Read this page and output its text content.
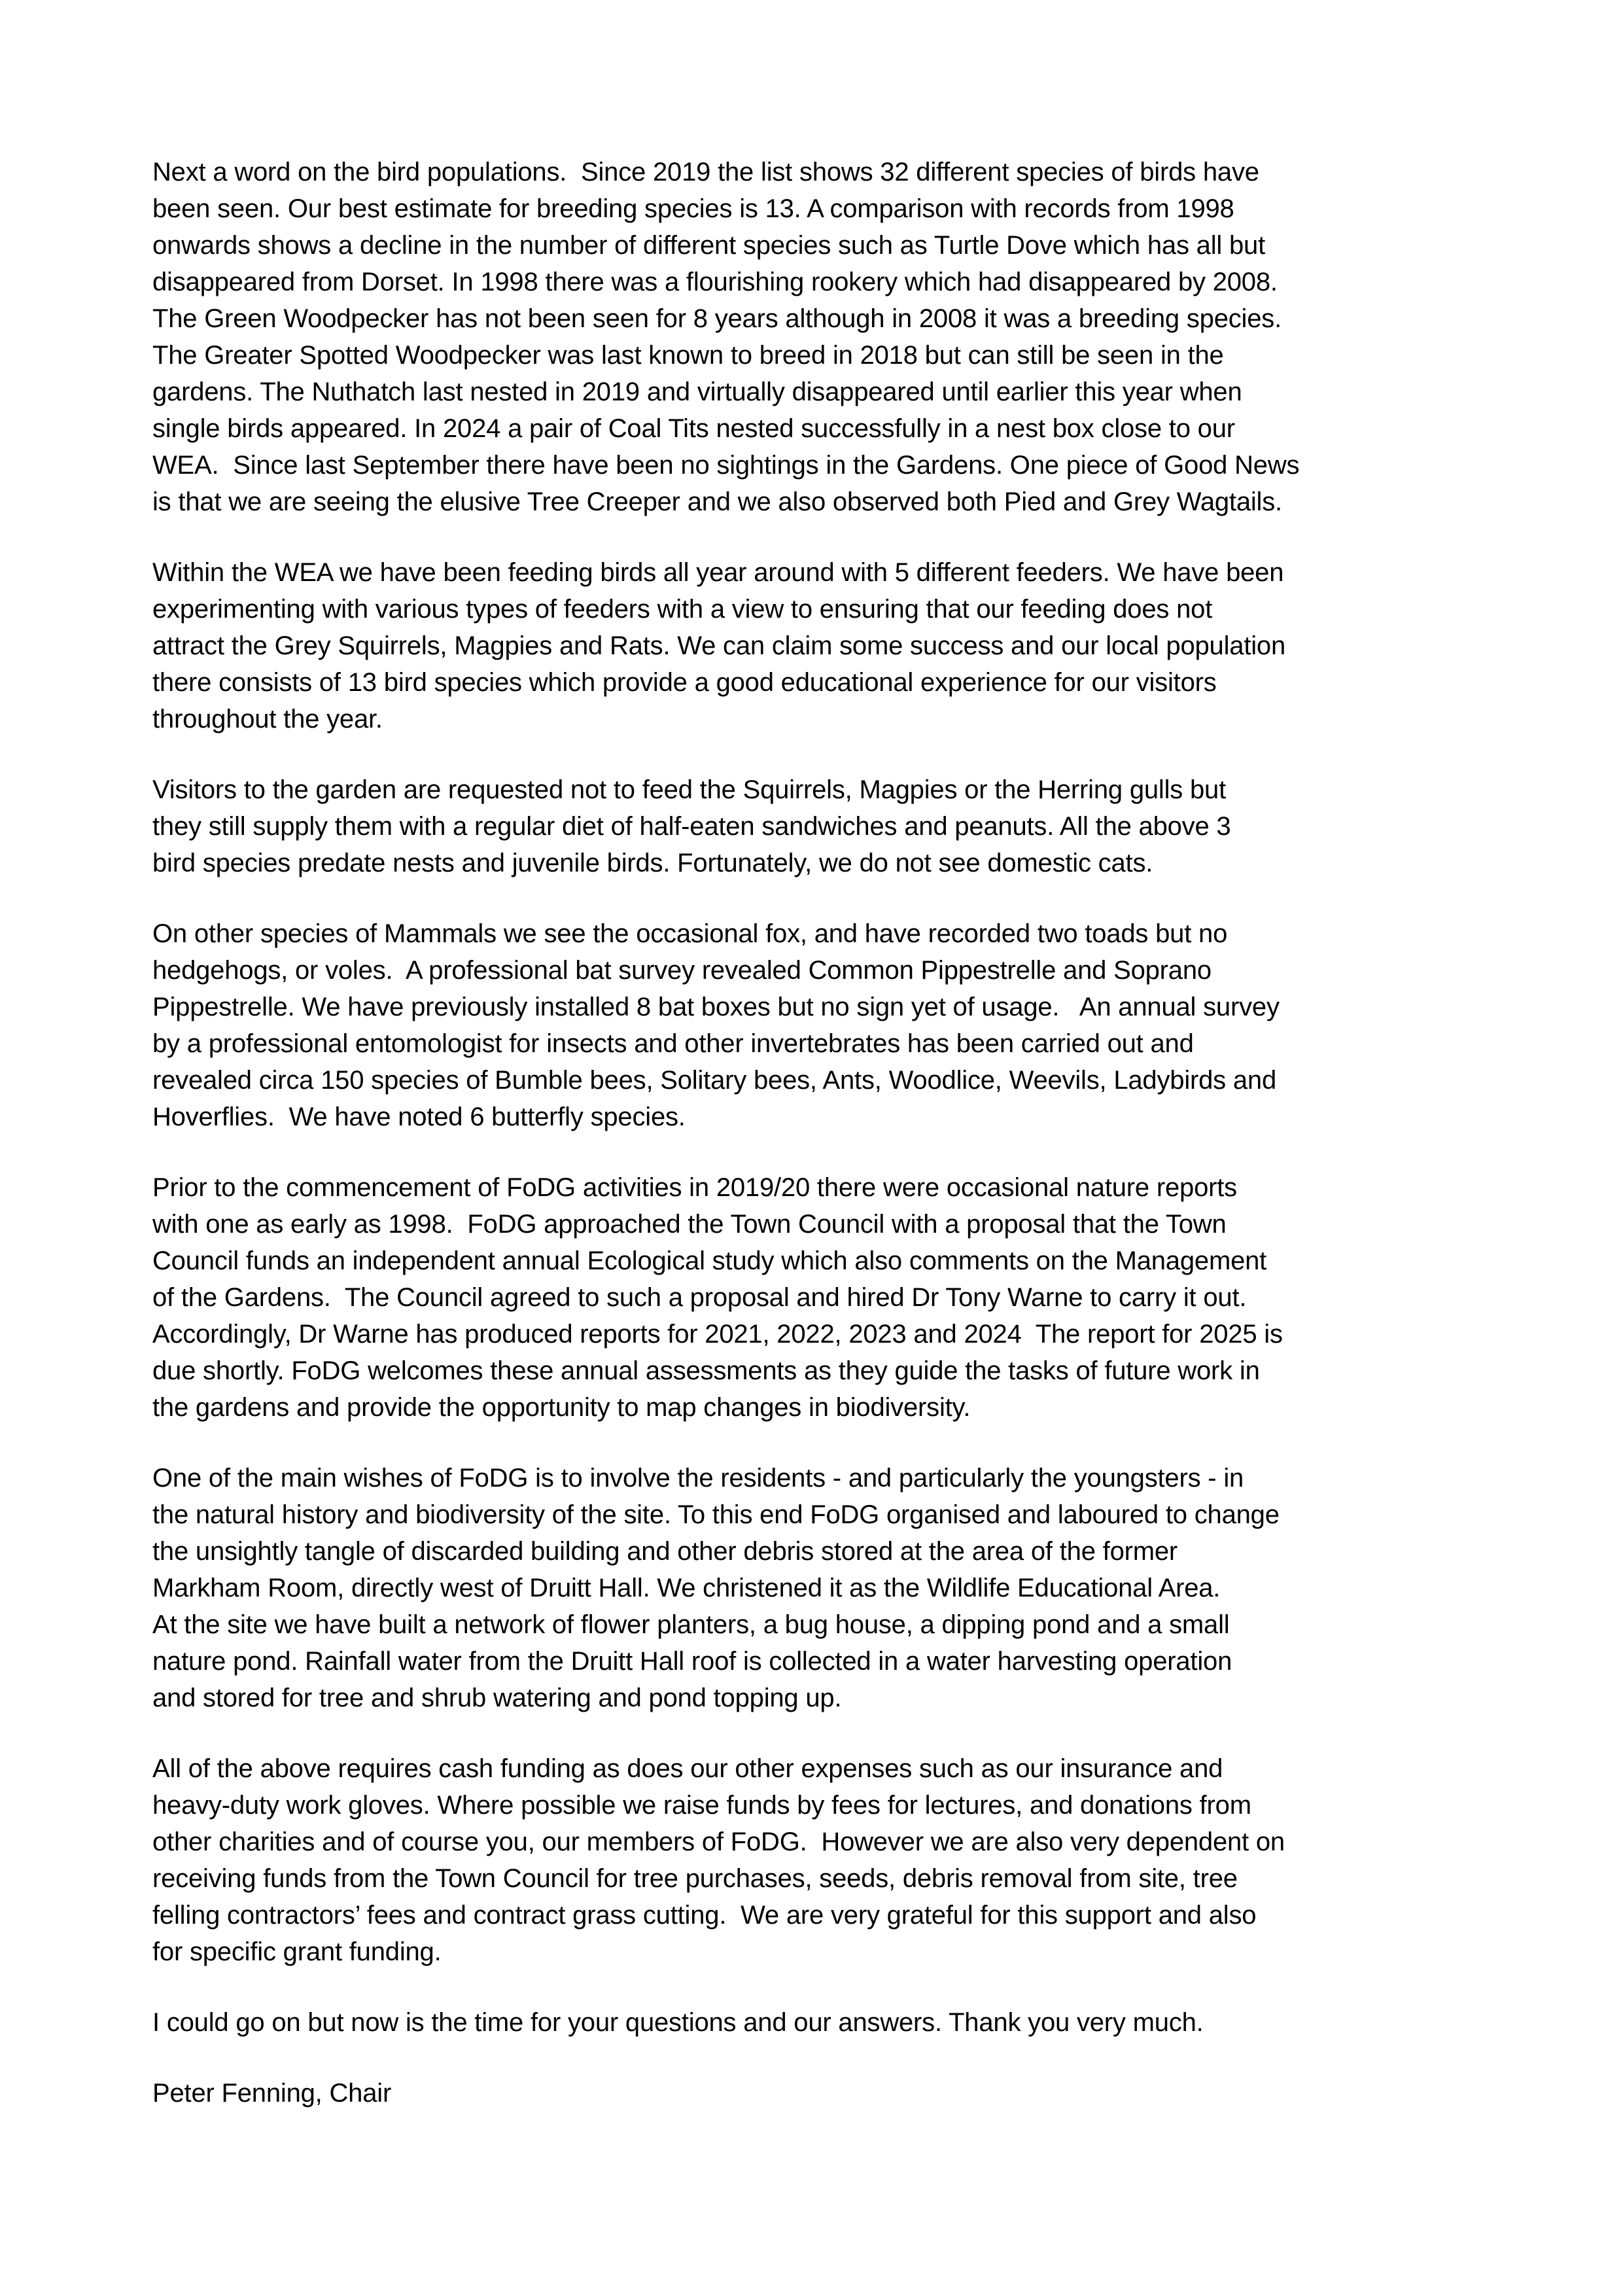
Next a word on the bird populations.  Since 2019 the list shows 32 different species of birds have
been seen. Our best estimate for breeding species is 13. A comparison with records from 1998
onwards shows a decline in the number of different species such as Turtle Dove which has all but
disappeared from Dorset. In 1998 there was a flourishing rookery which had disappeared by 2008.
The Green Woodpecker has not been seen for 8 years although in 2008 it was a breeding species.
The Greater Spotted Woodpecker was last known to breed in 2018 but can still be seen in the
gardens. The Nuthatch last nested in 2019 and virtually disappeared until earlier this year when
single birds appeared. In 2024 a pair of Coal Tits nested successfully in a nest box close to our
WEA.  Since last September there have been no sightings in the Gardens. One piece of Good News
is that we are seeing the elusive Tree Creeper and we also observed both Pied and Grey Wagtails.

Within the WEA we have been feeding birds all year around with 5 different feeders. We have been
experimenting with various types of feeders with a view to ensuring that our feeding does not
attract the Grey Squirrels, Magpies and Rats. We can claim some success and our local population
there consists of 13 bird species which provide a good educational experience for our visitors
throughout the year.

Visitors to the garden are requested not to feed the Squirrels, Magpies or the Herring gulls but
they still supply them with a regular diet of half-eaten sandwiches and peanuts. All the above 3
bird species predate nests and juvenile birds. Fortunately, we do not see domestic cats.

On other species of Mammals we see the occasional fox, and have recorded two toads but no
hedgehogs, or voles.  A professional bat survey revealed Common Pippestrelle and Soprano
Pippestrelle. We have previously installed 8 bat boxes but no sign yet of usage.   An annual survey
by a professional entomologist for insects and other invertebrates has been carried out and
revealed circa 150 species of Bumble bees, Solitary bees, Ants, Woodlice, Weevils, Ladybirds and
Hoverflies.  We have noted 6 butterfly species.

Prior to the commencement of FoDG activities in 2019/20 there were occasional nature reports
with one as early as 1998.  FoDG approached the Town Council with a proposal that the Town
Council funds an independent annual Ecological study which also comments on the Management
of the Gardens.  The Council agreed to such a proposal and hired Dr Tony Warne to carry it out.
Accordingly, Dr Warne has produced reports for 2021, 2022, 2023 and 2024  The report for 2025 is
due shortly. FoDG welcomes these annual assessments as they guide the tasks of future work in
the gardens and provide the opportunity to map changes in biodiversity.

One of the main wishes of FoDG is to involve the residents - and particularly the youngsters - in
the natural history and biodiversity of the site. To this end FoDG organised and laboured to change
the unsightly tangle of discarded building and other debris stored at the area of the former
Markham Room, directly west of Druitt Hall. We christened it as the Wildlife Educational Area.
At the site we have built a network of flower planters, a bug house, a dipping pond and a small
nature pond. Rainfall water from the Druitt Hall roof is collected in a water harvesting operation
and stored for tree and shrub watering and pond topping up.

All of the above requires cash funding as does our other expenses such as our insurance and
heavy-duty work gloves. Where possible we raise funds by fees for lectures, and donations from
other charities and of course you, our members of FoDG.  However we are also very dependent on
receiving funds from the Town Council for tree purchases, seeds, debris removal from site, tree
felling contractors’ fees and contract grass cutting.  We are very grateful for this support and also
for specific grant funding.

I could go on but now is the time for your questions and our answers. Thank you very much.

Peter Fenning, Chair
